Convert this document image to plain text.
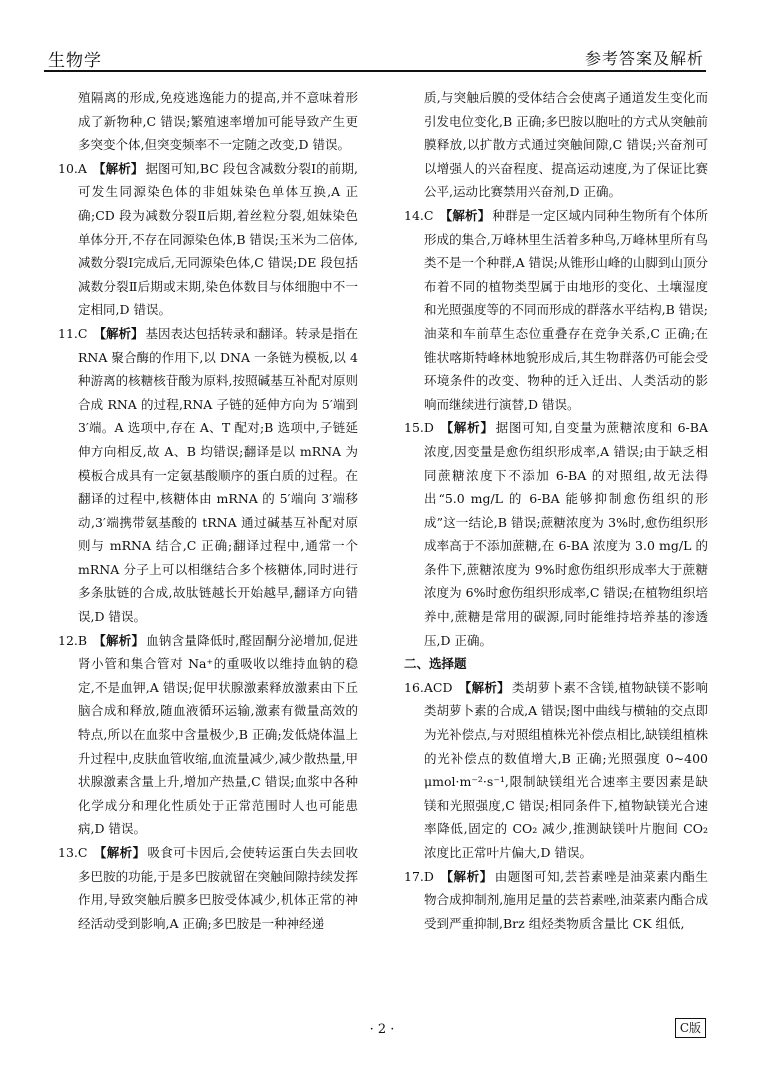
生物学	参考答案及解析

殖隔离的形成,免疫逃逸能力的提高,并不意味着形成了新物种,C 错误;繁殖速率增加可能导致产生更多突变个体,但突变频率不一定随之改变,D 错误。

10.A 【解析】 据图可知,BC 段包含减数分裂Ⅰ的前期,可发生同源染色体的非姐妹染色单体互换,A 正确;CD 段为减数分裂Ⅱ后期,着丝粒分裂,姐妹染色单体分开,不存在同源染色体,B 错误;玉米为二倍体,减数分裂Ⅰ完成后,无同源染色体,C 错误;DE 段包括减数分裂Ⅱ后期或末期,染色体数目与体细胞中不一定相同,D 错误。

11.C 【解析】 基因表达包括转录和翻译。转录是指在 RNA 聚合酶的作用下,以 DNA 一条链为模板,以 4 种游离的核糖核苷酸为原料,按照碱基互补配对原则合成 RNA 的过程,RNA 子链的延伸方向为 5′端到 3′端。A 选项中,存在 A、T 配对;B 选项中,子链延伸方向相反,故 A、B 均错误;翻译是以 mRNA 为模板合成具有一定氨基酸顺序的蛋白质的过程。在翻译的过程中,核糖体由 mRNA 的 5′端向 3′端移动,3′端携带氨基酸的 tRNA 通过碱基互补配对原则与 mRNA 结合,C 正确;翻译过程中,通常一个 mRNA 分子上可以相继结合多个核糖体,同时进行多条肽链的合成,故肽链越长开始越早,翻译方向错误,D 错误。

12.B 【解析】 血钠含量降低时,醛固酮分泌增加,促进肾小管和集合管对 Na⁺的重吸收以维持血钠的稳定,不是血钾,A 错误;促甲状腺激素释放激素由下丘脑合成和释放,随血液循环运输,激素有微量高效的特点,所以在血浆中含量极少,B 正确;发低烧体温上升过程中,皮肤血管收缩,血流量减少,减少散热量,甲状腺激素含量上升,增加产热量,C 错误;血浆中各种化学成分和理化性质处于正常范围时人也可能患病,D 错误。

13.C 【解析】 吸食可卡因后,会使转运蛋白失去回收多巴胺的功能,于是多巴胺就留在突触间隙持续发挥作用,导致突触后膜多巴胺受体减少,机体正常的神经活动受到影响,A 正确;多巴胺是一种神经递

质,与突触后膜的受体结合会使离子通道发生变化而引发电位变化,B 正确;多巴胺以胞吐的方式从突触前膜释放,以扩散方式通过突触间隙,C 错误;兴奋剂可以增强人的兴奋程度、提高运动速度,为了保证比赛公平,运动比赛禁用兴奋剂,D 正确。

14.C 【解析】 种群是一定区域内同种生物所有个体所形成的集合,万峰林里生活着多种鸟,万峰林里所有鸟类不是一个种群,A 错误;从锥形山峰的山脚到山顶分布着不同的植物类型属于由地形的变化、土壤湿度和光照强度等的不同而形成的群落水平结构,B 错误;油菜和车前草生态位重叠存在竞争关系,C 正确;在锥状喀斯特峰林地貌形成后,其生物群落仍可能会受环境条件的改变、物种的迁入迁出、人类活动的影响而继续进行演替,D 错误。

15.D 【解析】 据图可知,自变量为蔗糖浓度和 6-BA 浓度,因变量是愈伤组织形成率,A 错误;由于缺乏相同蔗糖浓度下不添加 6-BA 的对照组,故无法得出“5.0 mg/L 的 6-BA 能够抑制愈伤组织的形成”这一结论,B 错误;蔗糖浓度为 3%时,愈伤组织形成率高于不添加蔗糖,在 6-BA 浓度为 3.0 mg/L 的条件下,蔗糖浓度为 9%时愈伤组织形成率大于蔗糖浓度为 6%时愈伤组织形成率,C 错误;在植物组织培养中,蔗糖是常用的碳源,同时能维持培养基的渗透压,D 正确。

二、选择题

16.ACD 【解析】 类胡萝卜素不含镁,植物缺镁不影响类胡萝卜素的合成,A 错误;图中曲线与横轴的交点即为光补偿点,与对照组植株光补偿点相比,缺镁组植株的光补偿点的数值增大,B 正确;光照强度 0~400 μmol·m⁻²·s⁻¹,限制缺镁组光合速率主要因素是缺镁和光照强度,C 错误;相同条件下,植物缺镁光合速率降低,固定的 CO₂ 减少,推测缺镁叶片胞间 CO₂ 浓度比正常叶片偏大,D 错误。

17.D 【解析】 由题图可知,芸苔素唑是油菜素内酯生物合成抑制剂,施用足量的芸苔素唑,油菜素内酯合成受到严重抑制,Brz 组烃类物质含量比 CK 组低,

· 2 ·	C版
